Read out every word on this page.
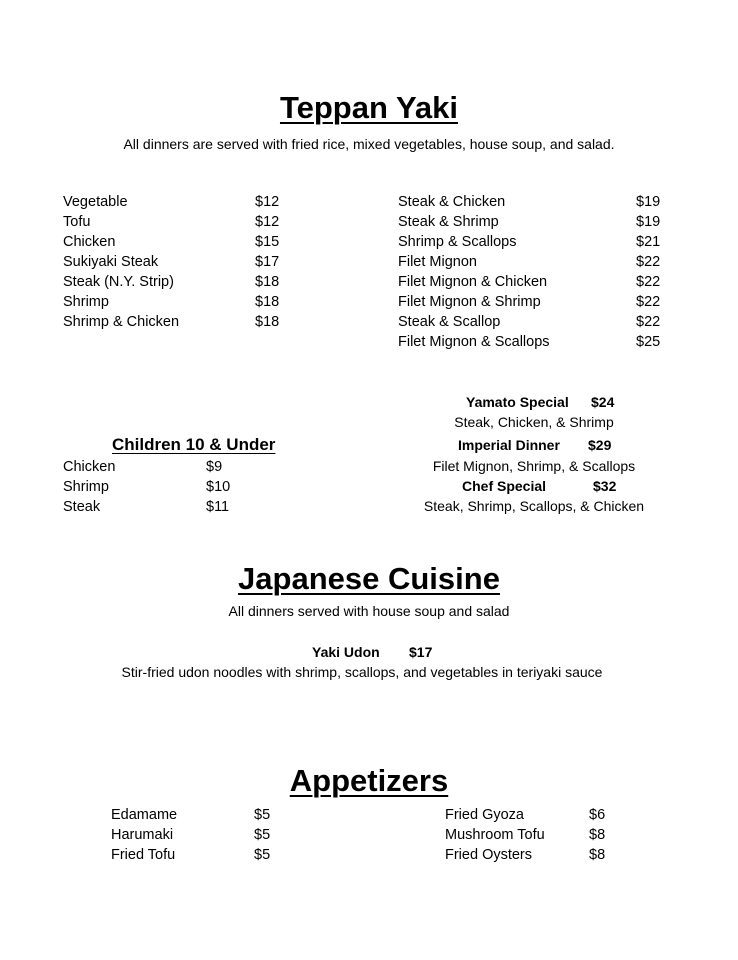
Teppan Yaki
All dinners are served with fried rice, mixed vegetables, house soup, and salad.
Vegetable	$12
Tofu	$12
Chicken	$15
Sukiyaki Steak	$17
Steak (N.Y. Strip)	$18
Shrimp	$18
Shrimp & Chicken	$18
Steak & Chicken	$19
Steak & Shrimp	$19
Shrimp & Scallops	$21
Filet Mignon	$22
Filet Mignon & Chicken	$22
Filet Mignon & Shrimp	$22
Steak & Scallop	$22
Filet Mignon & Scallops	$25
Yamato Special $24
Steak, Chicken, & Shrimp
Imperial Dinner $29
Filet Mignon, Shrimp, & Scallops
Chef Special	$32
Steak, Shrimp, Scallops, & Chicken
Children 10 & Under
Chicken	$9
Shrimp	$10
Steak	$11
Japanese Cuisine
All dinners served with house soup and salad
Yaki Udon $17
Stir-fried udon noodles with shrimp, scallops, and vegetables in teriyaki sauce
Appetizers
Edamame	$5
Harumaki	$5
Fried Tofu	$5
Fried Gyoza	$6
Mushroom Tofu	$8
Fried Oysters	$8
